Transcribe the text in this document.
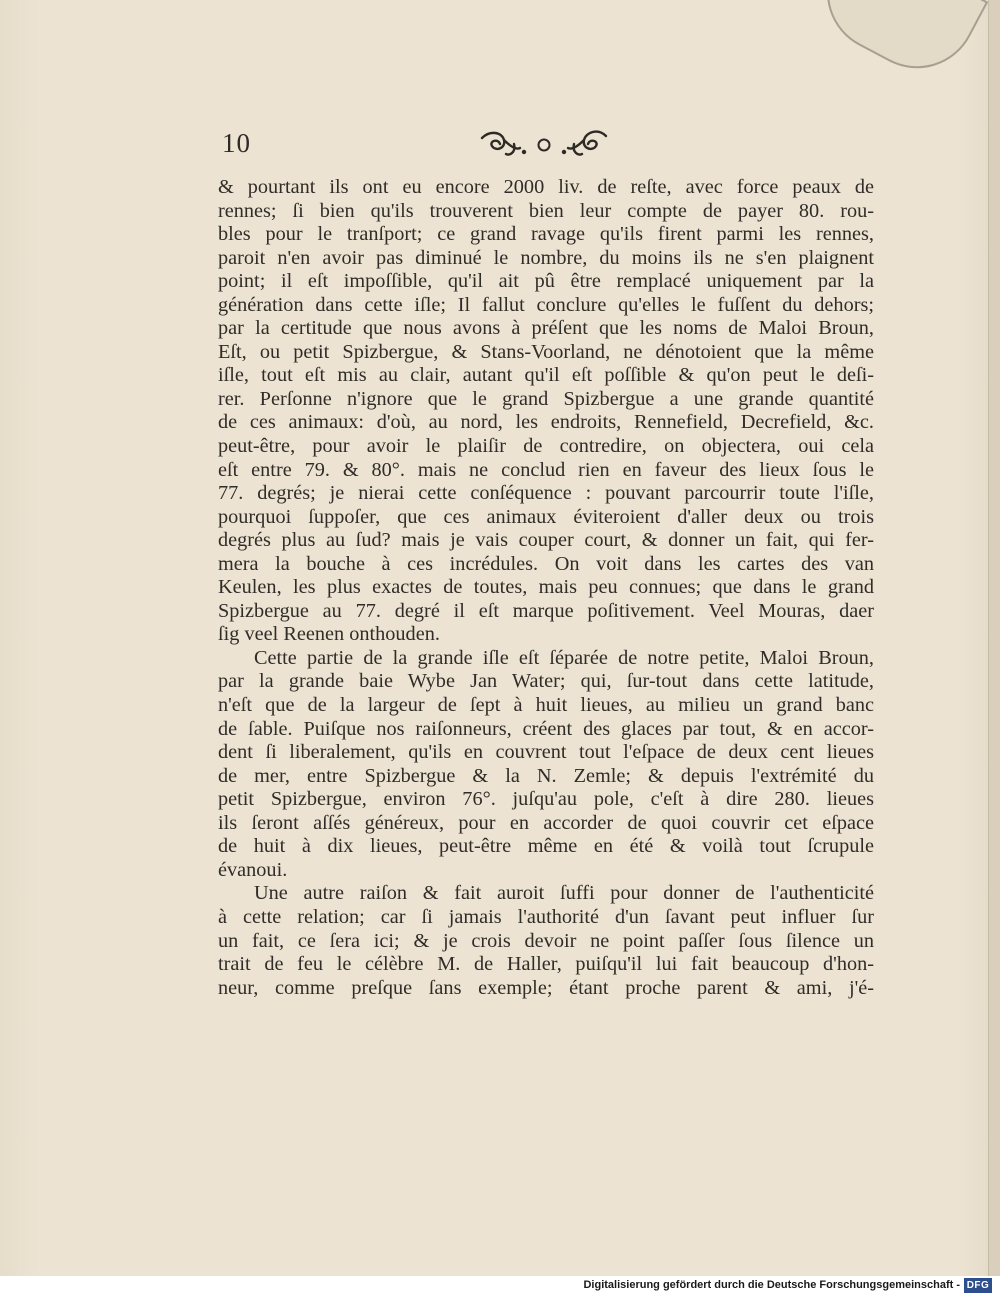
10
& pourtant ils ont eu encore 2000 liv. de reſte, avec force peaux de
rennes; ſi bien qu'ils trouverent bien leur compte de payer 80. rou-
bles pour le tranſport; ce grand ravage qu'ils firent parmi les rennes,
paroit n'en avoir pas diminué le nombre, du moins ils ne s'en plaignent
point; il eſt impoſſible, qu'il ait pû être remplacé uniquement par la
génération dans cette iſle; Il fallut conclure qu'elles le fuſſent du dehors;
par la certitude que nous avons à préſent que les noms de Maloi Broun,
Eſt, ou petit Spizbergue, & Stans-Voorland, ne dénotoient que la même
iſle, tout eſt mis au clair, autant qu'il eſt poſſible & qu'on peut le deſi-
rer. Perſonne n'ignore que le grand Spizbergue a une grande quantité
de ces animaux: d'où, au nord, les endroits, Rennefield, Decrefield, &c.
peut-être, pour avoir le plaiſir de contredire, on objectera, oui cela
eſt entre 79. & 80°. mais ne conclud rien en faveur des lieux ſous le
77. degrés; je nierai cette conſéquence : pouvant parcourrir toute l'iſle,
pourquoi ſuppoſer, que ces animaux éviteroient d'aller deux ou trois
degrés plus au ſud? mais je vais couper court, & donner un fait, qui fer-
mera la bouche à ces incrédules. On voit dans les cartes des van
Keulen, les plus exactes de toutes, mais peu connues; que dans le grand
Spizbergue au 77. degré il eſt marque poſitivement. Veel Mouras, daer
ſig veel Reenen onthouden.
Cette partie de la grande iſle eſt ſéparée de notre petite, Maloi Broun,
par la grande baie Wybe Jan Water; qui, ſur-tout dans cette latitude,
n'eſt que de la largeur de ſept à huit lieues, au milieu un grand banc
de ſable. Puiſque nos raiſonneurs, créent des glaces par tout, & en accor-
dent ſi liberalement, qu'ils en couvrent tout l'eſpace de deux cent lieues
de mer, entre Spizbergue & la N. Zemle; & depuis l'extrémité du
petit Spizbergue, environ 76°. juſqu'au pole, c'eſt à dire 280. lieues
ils ſeront aſſés généreux, pour en accorder de quoi couvrir cet eſpace
de huit à dix lieues, peut-être même en été & voilà tout ſcrupule
évanoui.
Une autre raiſon & fait auroit ſuffi pour donner de l'authenticité
à cette relation; car ſi jamais l'authorité d'un ſavant peut influer ſur
un fait, ce ſera ici; & je crois devoir ne point paſſer ſous ſilence un
trait de feu le célèbre M. de Haller, puiſqu'il lui fait beaucoup d'hon-
neur, comme preſque ſans exemple; étant proche parent & ami, j'é-
Digitalisierung gefördert durch die Deutsche Forschungsgemeinschaft - DFG
